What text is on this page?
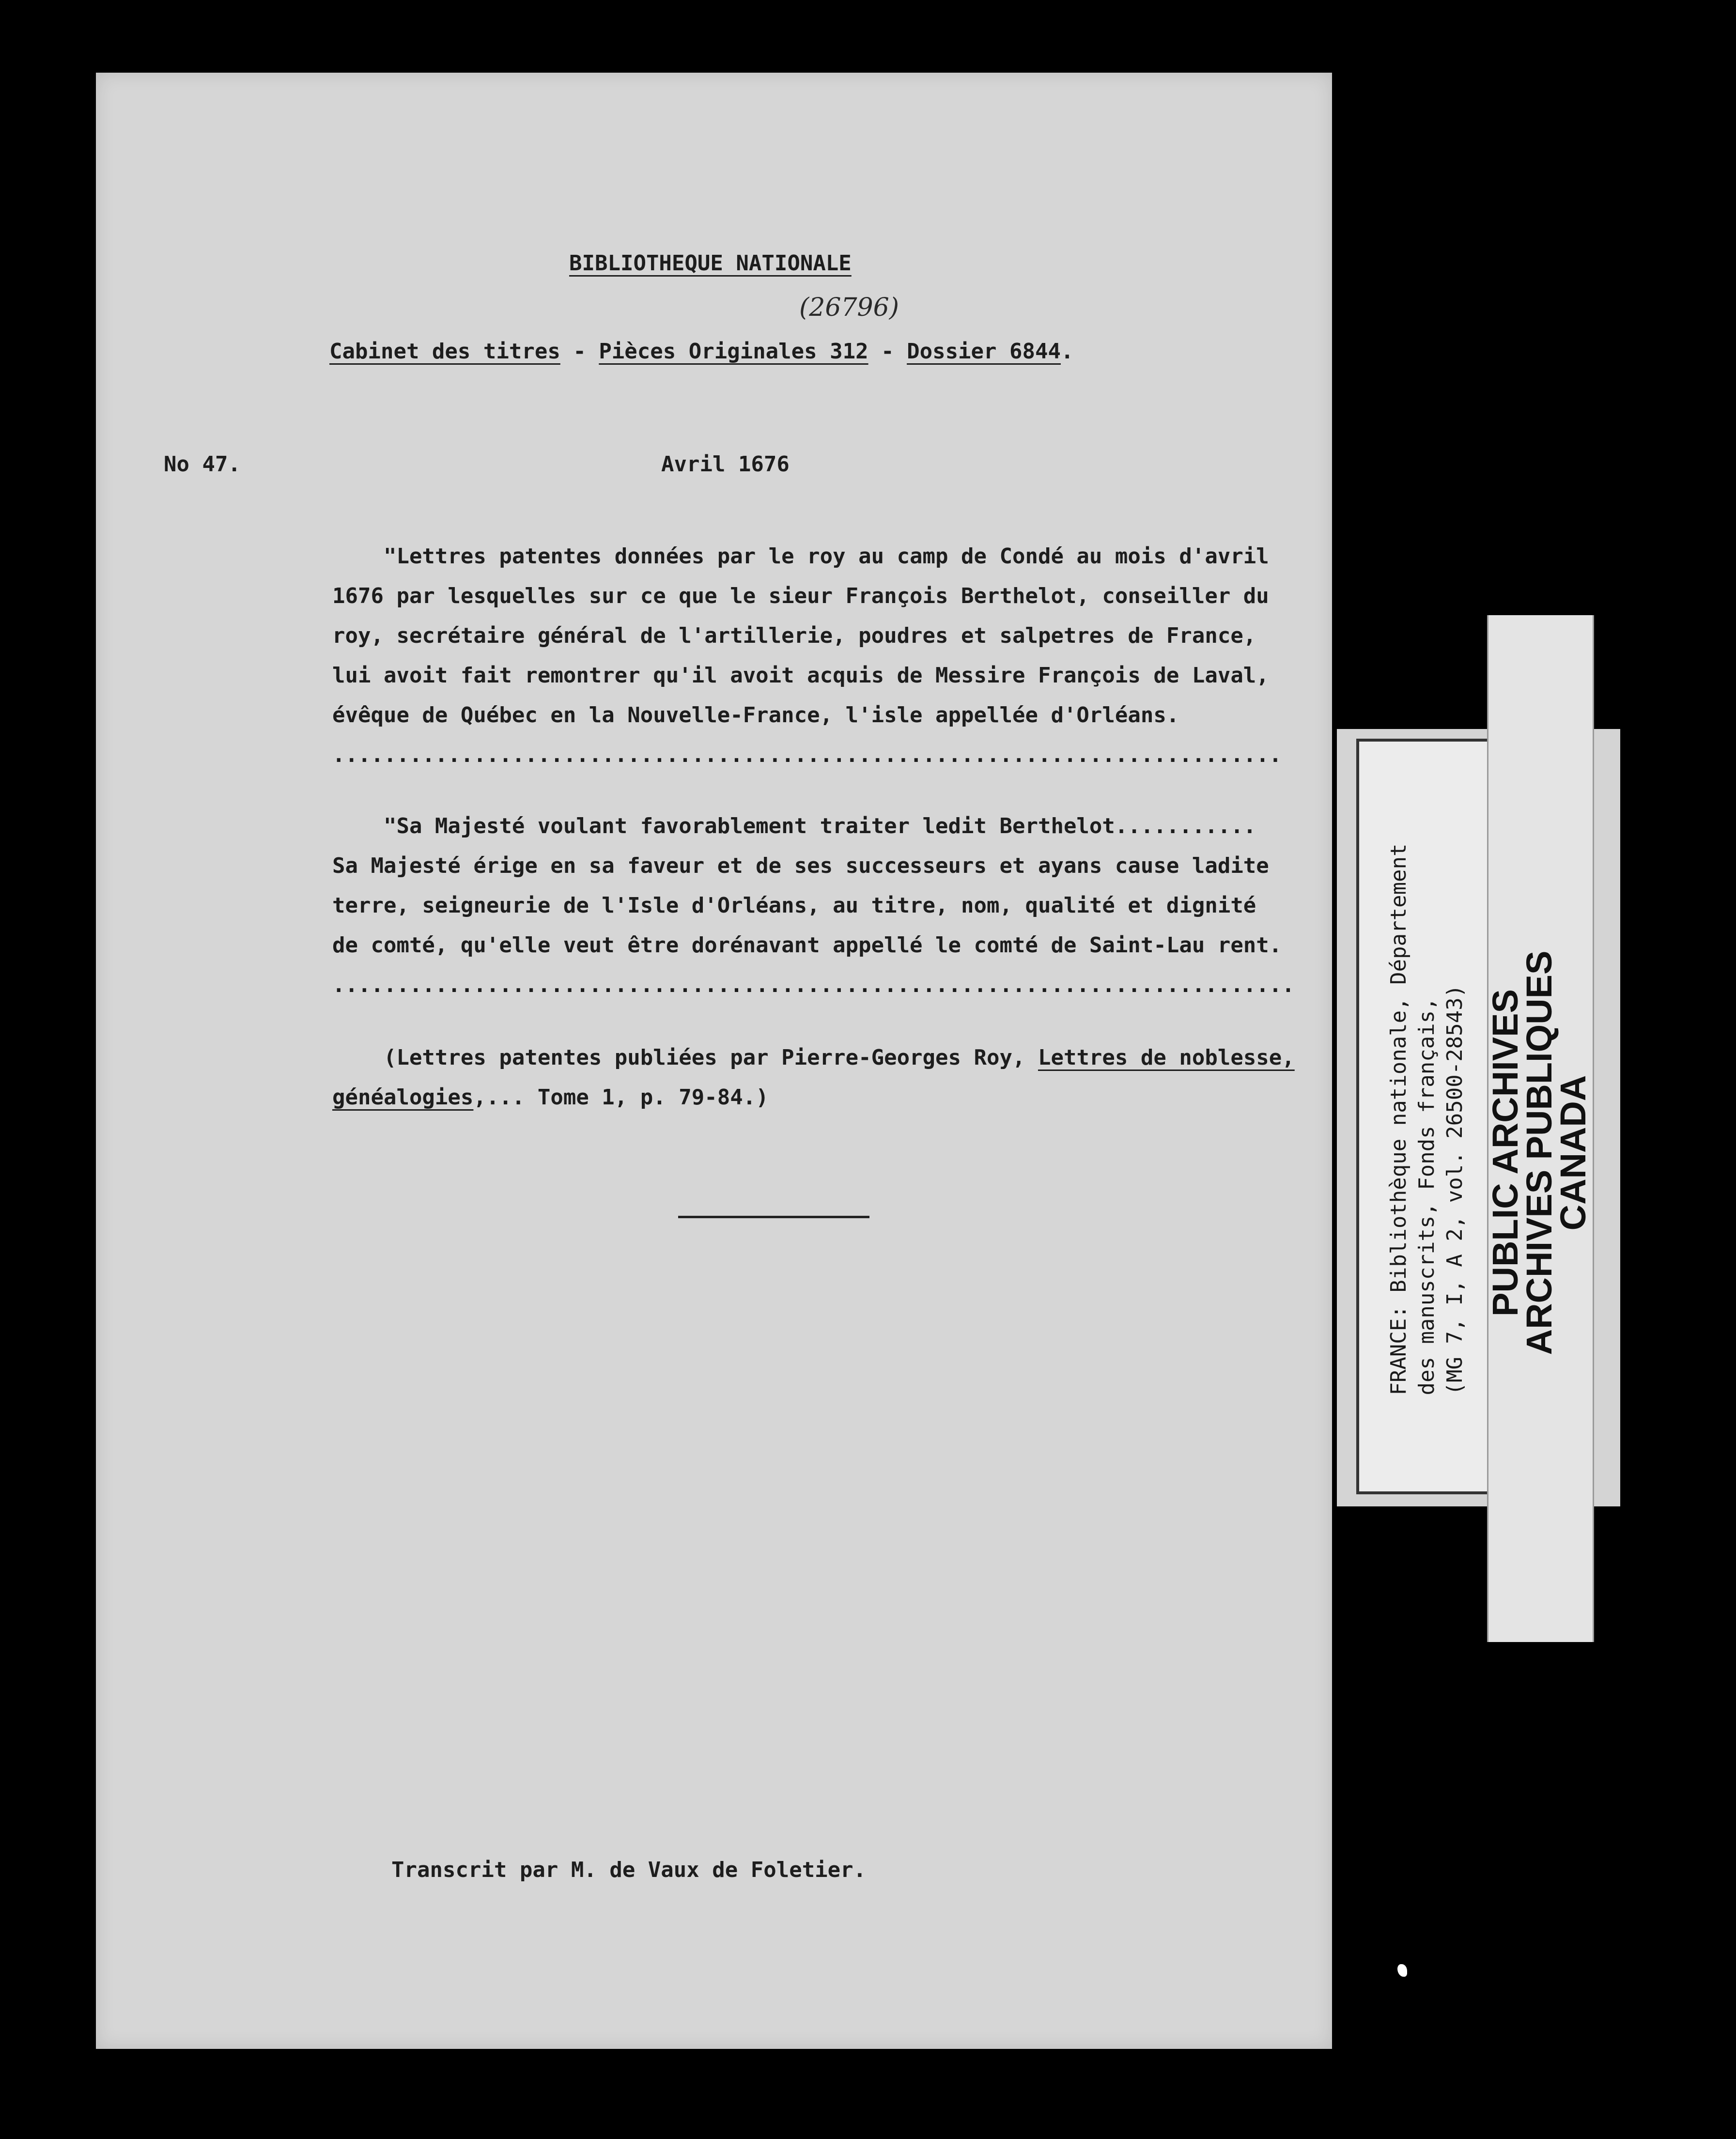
BIBLIOTHEQUE NATIONALE
(26796)
Cabinet des titres - Pièces Originales 312 - Dossier 6844.
No 47.	Avril 1676
"Lettres patentes données par le roy au camp de Condé au mois d'avril
1676 par lesquelles sur ce que le sieur François Berthelot, conseiller du
roy, secrétaire général de l'artillerie, poudres et salpetres de France,
lui avoit fait remontrer qu'il avoit acquis de Messire François de Laval,
évêque de Québec en la Nouvelle-France, l'isle appellée d'Orléans.
..........................................................................
"Sa Majesté voulant favorablement traiter ledit Berthelot...........
Sa Majesté érige en sa faveur et de ses successeurs et ayans cause ladite
terre, seigneurie de l'Isle d'Orléans, au titre, nom, qualité et dignité
de comté, qu'elle veut être dorénavant appellé le comté de Saint-Lau rent.
...........................................................................
(Lettres patentes publiées par Pierre-Georges Roy, Lettres de noblesse,
généalogies,... Tome 1, p. 79-84.)
Transcrit par M. de Vaux de Foletier.
FRANCE: Bibliothèque nationale, Département des manuscrits, Fonds français, (MG 7, I, A 2, vol. 26500-28543) PUBLIC ARCHIVES
ARCHIVES PUBLIQUES
CANADA
